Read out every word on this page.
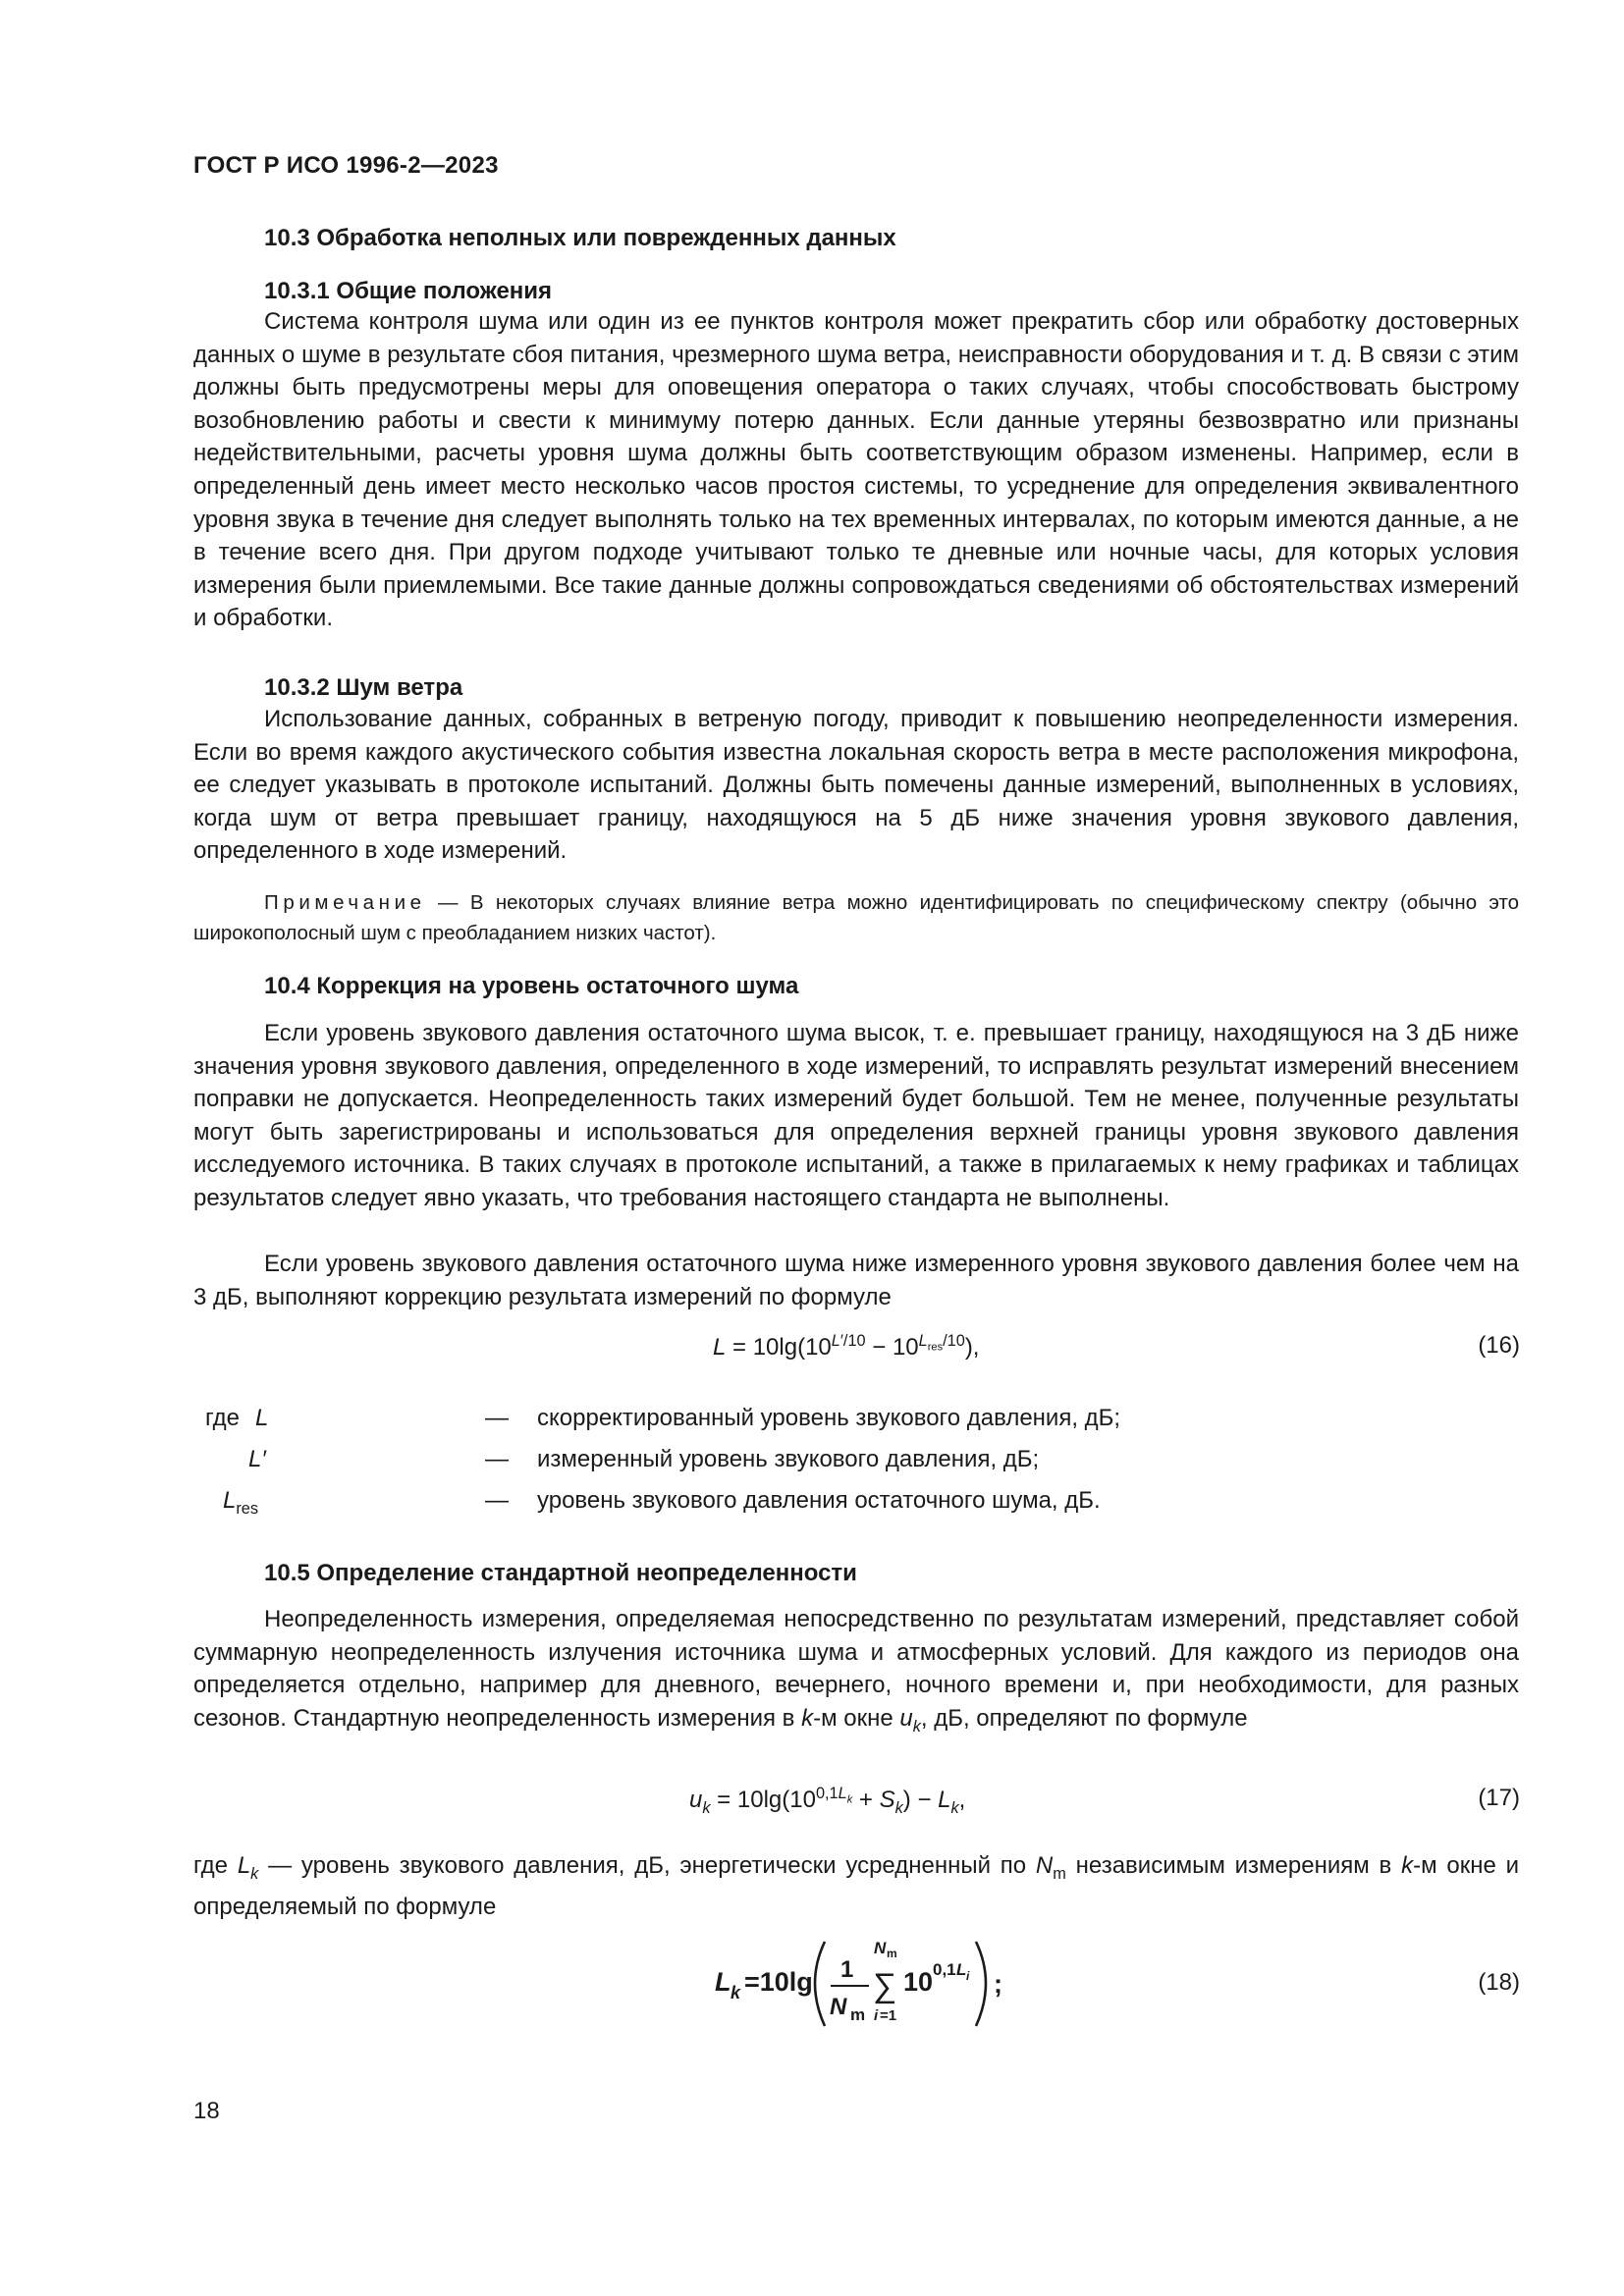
ГОСТ Р ИСО 1996-2—2023
10.3 Обработка неполных или поврежденных данных
10.3.1 Общие положения
Система контроля шума или один из ее пунктов контроля может прекратить сбор или обработку достоверных данных о шуме в результате сбоя питания, чрезмерного шума ветра, неисправности оборудования и т. д. В связи с этим должны быть предусмотрены меры для оповещения оператора о таких случаях, чтобы способствовать быстрому возобновлению работы и свести к минимуму потерю данных. Если данные утеряны безвозвратно или признаны недействительными, расчеты уровня шума должны быть соответствующим образом изменены. Например, если в определенный день имеет место несколько часов простоя системы, то усреднение для определения эквивалентного уровня звука в течение дня следует выполнять только на тех временных интервалах, по которым имеются данные, а не в течение всего дня. При другом подходе учитывают только те дневные или ночные часы, для которых условия измерения были приемлемыми. Все такие данные должны сопровождаться сведениями об обстоятельствах измерений и обработки.
10.3.2 Шум ветра
Использование данных, собранных в ветреную погоду, приводит к повышению неопределенности измерения. Если во время каждого акустического события известна локальная скорость ветра в месте расположения микрофона, ее следует указывать в протоколе испытаний. Должны быть помечены данные измерений, выполненных в условиях, когда шум от ветра превышает границу, находящуюся на 5 дБ ниже значения уровня звукового давления, определенного в ходе измерений.
Примечание — В некоторых случаях влияние ветра можно идентифицировать по специфическому спектру (обычно это широкополосный шум с преобладанием низких частот).
10.4 Коррекция на уровень остаточного шума
Если уровень звукового давления остаточного шума высок, т. е. превышает границу, находящуюся на 3 дБ ниже значения уровня звукового давления, определенного в ходе измерений, то исправлять результат измерений внесением поправки не допускается. Неопределенность таких измерений будет большой. Тем не менее, полученные результаты могут быть зарегистрированы и использоваться для определения верхней границы уровня звукового давления исследуемого источника. В таких случаях в протоколе испытаний, а также в прилагаемых к нему графиках и таблицах результатов следует явно указать, что требования настоящего стандарта не выполнены.
Если уровень звукового давления остаточного шума ниже измеренного уровня звукового давления более чем на 3 дБ, выполняют коррекцию результата измерений по формуле
$L = 10\lg(10^{L'/10} - 10^{L_{res}/10})$,	(16)
где L	— скорректированный уровень звукового давления, дБ;
L′	— измеренный уровень звукового давления, дБ;
$L_{res}$	— уровень звукового давления остаточного шума, дБ.
10.5 Определение стандартной неопределенности
Неопределенность измерения, определяемая непосредственно по результатам измерений, представляет собой суммарную неопределенность излучения источника шума и атмосферных условий. Для каждого из периодов она определяется отдельно, например для дневного, вечернего, ночного времени и, при необходимости, для разных сезонов. Стандартную неопределенность измерения в k-м окне $u_k$, дБ, определяют по формуле
$u_k = 10\lg(10^{0,1L_k} + S_k) - L_k$,	(17)
где $L_k$ — уровень звукового давления, дБ, энергетически усредненный по $N_m$ независимым измерениям в k-м окне и определяемый по формуле
L k =10lg 1
N m
N m
∑
i =1
10 0,1 L i ;	(18)
18
